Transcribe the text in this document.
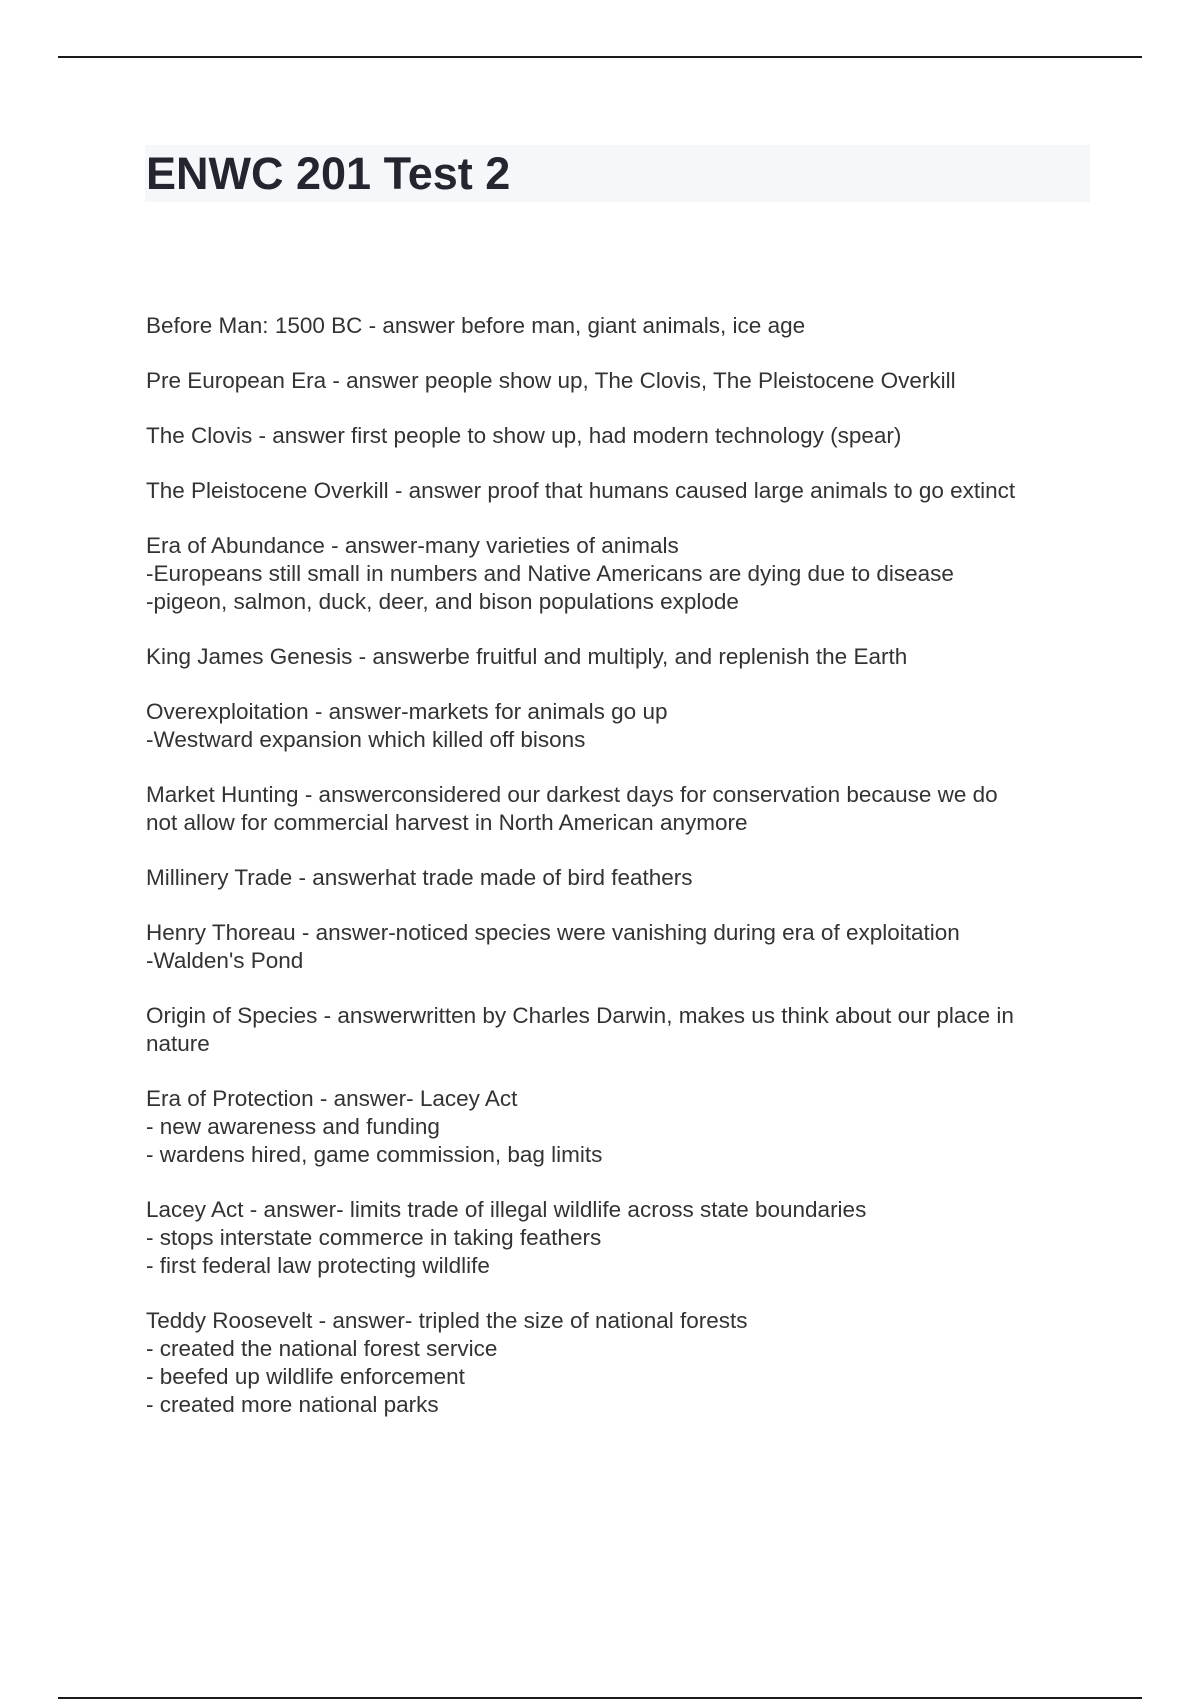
ENWC 201 Test 2

Before Man: 1500 BC - answer before man, giant animals, ice age

Pre European Era - answer people show up, The Clovis, The Pleistocene Overkill

The Clovis - answer first people to show up, had modern technology (spear)

The Pleistocene Overkill - answer proof that humans caused large animals to go extinct

Era of Abundance - answer-many varieties of animals
-Europeans still small in numbers and Native Americans are dying due to disease
-pigeon, salmon, duck, deer, and bison populations explode

King James Genesis - answerbe fruitful and multiply, and replenish the Earth

Overexploitation - answer-markets for animals go up
-Westward expansion which killed off bisons

Market Hunting - answerconsidered our darkest days for conservation because we do
not allow for commercial harvest in North American anymore

Millinery Trade - answerhat trade made of bird feathers

Henry Thoreau - answer-noticed species were vanishing during era of exploitation
-Walden's Pond

Origin of Species - answerwritten by Charles Darwin, makes us think about our place in
nature

Era of Protection - answer- Lacey Act
- new awareness and funding
- wardens hired, game commission, bag limits

Lacey Act - answer- limits trade of illegal wildlife across state boundaries
- stops interstate commerce in taking feathers
- first federal law protecting wildlife

Teddy Roosevelt - answer- tripled the size of national forests
- created the national forest service
- beefed up wildlife enforcement
- created more national parks
